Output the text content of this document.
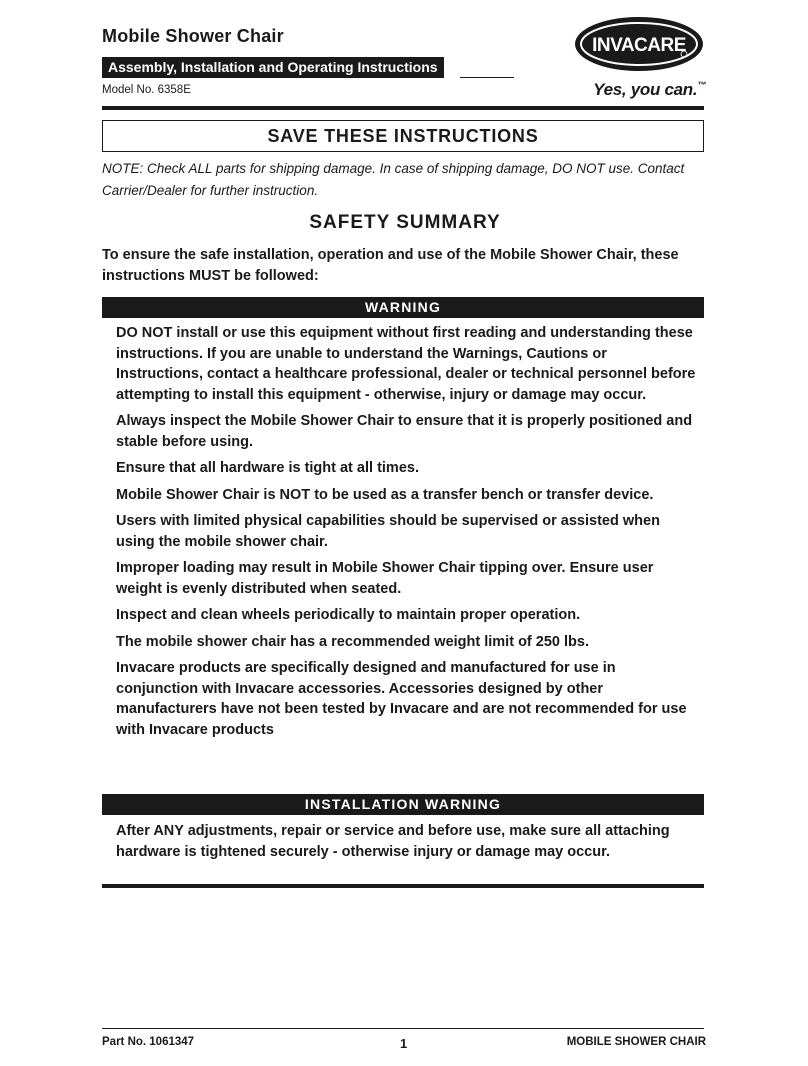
Mobile Shower Chair
Assembly, Installation and Operating Instructions
Model No. 6358E
INVACARE
Yes, you can.™
SAVE THESE INSTRUCTIONS
NOTE: Check ALL parts for shipping damage. In case of shipping damage, DO NOT use. Contact Carrier/Dealer for further instruction.
SAFETY SUMMARY
To ensure the safe installation, operation and use of the Mobile Shower Chair, these instructions MUST be followed:
WARNING

DO NOT install or use this equipment without first reading and understanding these instructions. If you are unable to understand the Warnings, Cautions or Instructions, contact a healthcare professional, dealer or technical personnel before attempting to install this equipment - otherwise, injury or damage may occur.

Always inspect the Mobile Shower Chair to ensure that it is properly positioned and stable before using.

Ensure that all hardware is tight at all times.

Mobile Shower Chair is NOT to be used as a transfer bench or transfer device.

Users with limited physical capabilities should be supervised or assisted when using the mobile shower chair.

Improper loading may result in Mobile Shower Chair tipping over. Ensure user weight is evenly distributed when seated.

Inspect and clean wheels periodically to maintain proper operation.

The mobile shower chair has a recommended weight limit of 250 lbs.

Invacare products are specifically designed and manufactured for use in conjunction with Invacare accessories. Accessories designed by other manufacturers have not been tested by Invacare and are not recommended for use with Invacare products

INSTALLATION WARNING

After ANY adjustments, repair or service and before use, make sure all attaching hardware is tightened securely - otherwise injury or damage may occur.

Part No. 1061347	1	MOBILE SHOWER CHAIR
